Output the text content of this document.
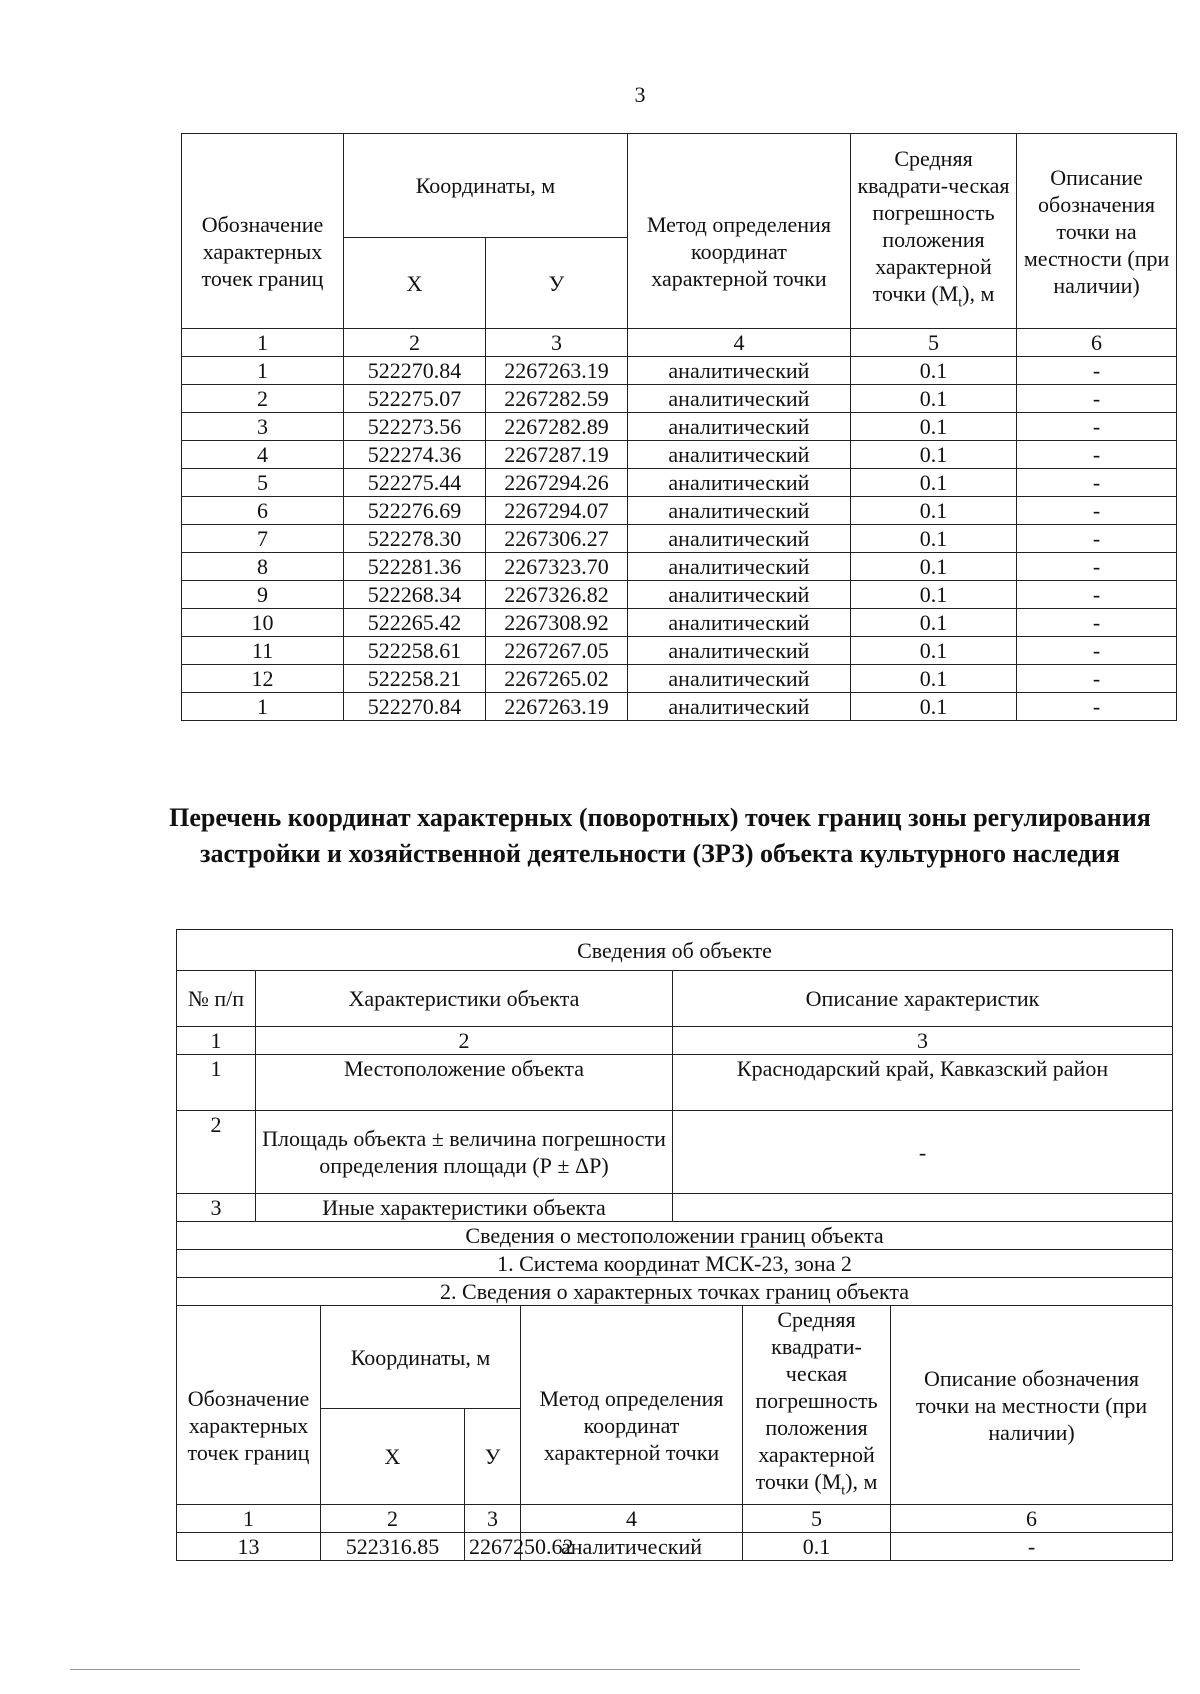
3
Обозначение характерных точек границ	Координаты, м		Метод определения координат характерной точки	Средняя квадрати-ческая погрешность положения характерной точки $(М_t)$, м	Описание обозначения точки на местности (при наличии)
	Х	У			
1	2	3	4	5	6
1	522270.84	2267263.19	аналитический	0.1	-
2	522275.07	2267282.59	аналитический	0.1	-
3	522273.56	2267282.89	аналитический	0.1	-
4	522274.36	2267287.19	аналитический	0.1	-
5	522275.44	2267294.26	аналитический	0.1	-
6	522276.69	2267294.07	аналитический	0.1	-
7	522278.30	2267306.27	аналитический	0.1	-
8	522281.36	2267323.70	аналитический	0.1	-
9	522268.34	2267326.82	аналитический	0.1	-
10	522265.42	2267308.92	аналитический	0.1	-
11	522258.61	2267267.05	аналитический	0.1	-
12	522258.21	2267265.02	аналитический	0.1	-
1	522270.84	2267263.19	аналитический	0.1	-
Перечень координат характерных (поворотных) точек границ зоны регулирования застройки и хозяйственной деятельности (ЗРЗ) объекта культурного наследия
Сведения об объекте							
№ п/п	Характеристики объекта				Описание характеристик		
1	2				3		
1	Местоположение объекта				Краснодарский край, Кавказский район		
2	Площадь объекта ± величина погрешности определения площади (Р ± ΔР)				-		
3	Иные характеристики объекта						
Сведения о местоположении границ объекта							
1. Система координат МСК-23, зона 2							
2. Сведения о характерных точках границ объекта							
Обозначение характерных точек границ		Координаты, м		Метод определения координат характерной точки		Средняя квадрати-ческая погрешность положения характерной точки $(М_t)$, м	Описание обозначения точки на местности (при наличии)
		Х	У				
1		2	3	4		5	6
13		522316.85	2267250.62	аналитический		0.1	-
